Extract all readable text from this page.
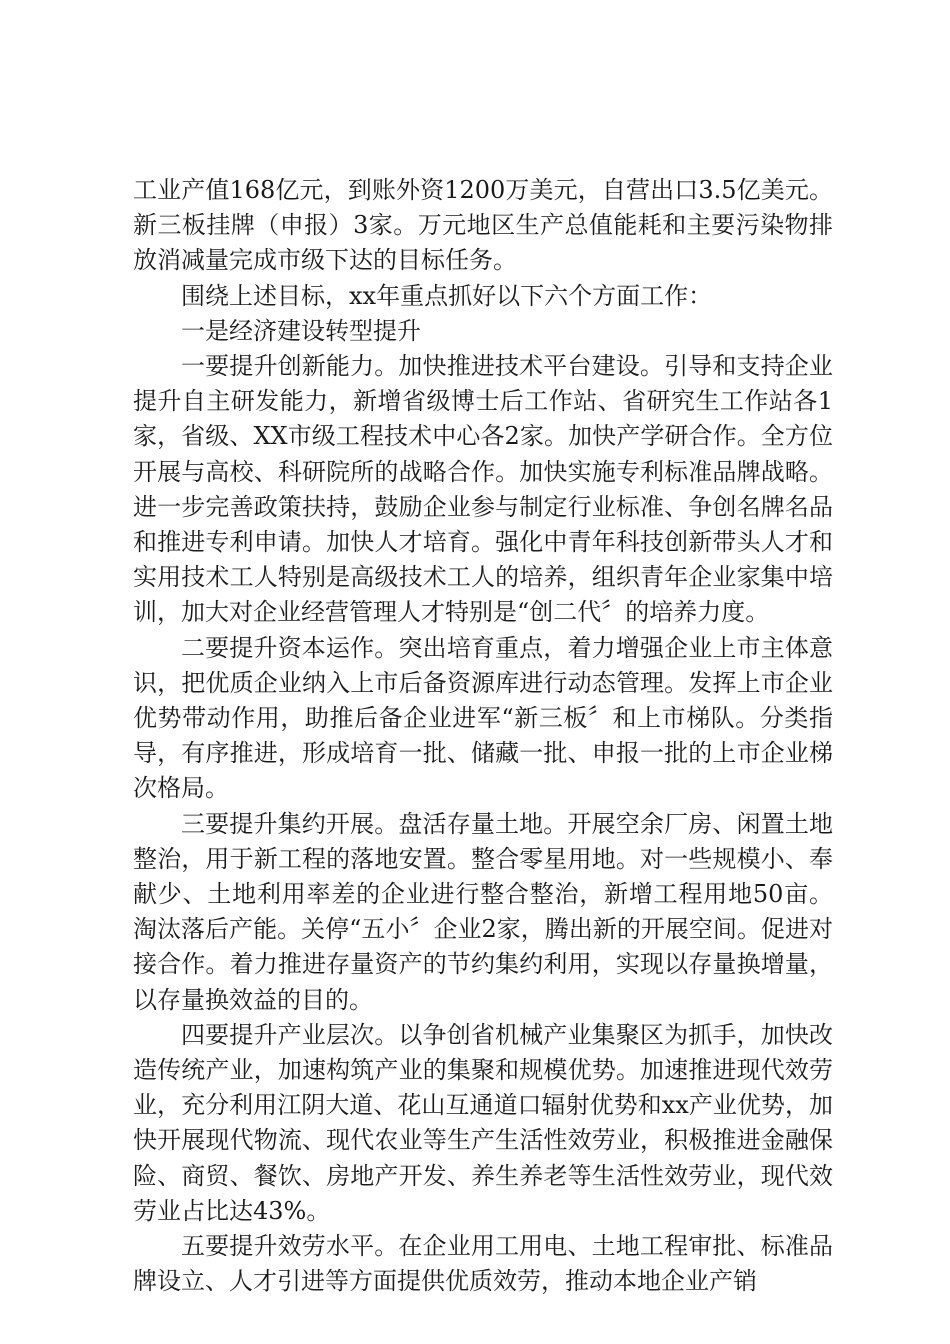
工业产值168亿元，到账外资1200万美元，自营出口3.5亿美元。新三板挂牌（申报）3家。万元地区生产总值能耗和主要污染物排放消减量完成市级下达的目标任务。

围绕上述目标，xx年重点抓好以下六个方面工作：

一是经济建设转型提升

一要提升创新能力。加快推进技术平台建设。引导和支持企业提升自主研发能力，新增省级博士后工作站、省研究生工作站各1家，省级、XX市级工程技术中心各2家。加快产学研合作。全方位开展与高校、科研院所的战略合作。加快实施专利标准品牌战略。进一步完善政策扶持，鼓励企业参与制定行业标准、争创名牌名品和推进专利申请。加快人才培育。强化中青年科技创新带头人才和实用技术工人特别是高级技术工人的培养，组织青年企业家集中培训，加大对企业经营管理人才特别是“创二代〞的培养力度。

二要提升资本运作。突出培育重点，着力增强企业上市主体意识，把优质企业纳入上市后备资源库进行动态管理。发挥上市企业优势带动作用，助推后备企业进军“新三板〞和上市梯队。分类指导，有序推进，形成培育一批、储藏一批、申报一批的上市企业梯次格局。

三要提升集约开展。盘活存量土地。开展空余厂房、闲置土地整治，用于新工程的落地安置。整合零星用地。对一些规模小、奉献少、土地利用率差的企业进行整合整治，新增工程用地50亩。淘汰落后产能。关停“五小〞企业2家，腾出新的开展空间。促进对接合作。着力推进存量资产的节约集约利用，实现以存量换增量，以存量换效益的目的。

四要提升产业层次。以争创省机械产业集聚区为抓手，加快改造传统产业，加速构筑产业的集聚和规模优势。加速推进现代效劳业，充分利用江阴大道、花山互通道口辐射优势和xx产业优势，加快开展现代物流、现代农业等生产生活性效劳业，积极推进金融保险、商贸、餐饮、房地产开发、养生养老等生活性效劳业，现代效劳业占比达43%。

五要提升效劳水平。在企业用工用电、土地工程审批、标准品牌设立、人才引进等方面提供优质效劳，推动本地企业产销
